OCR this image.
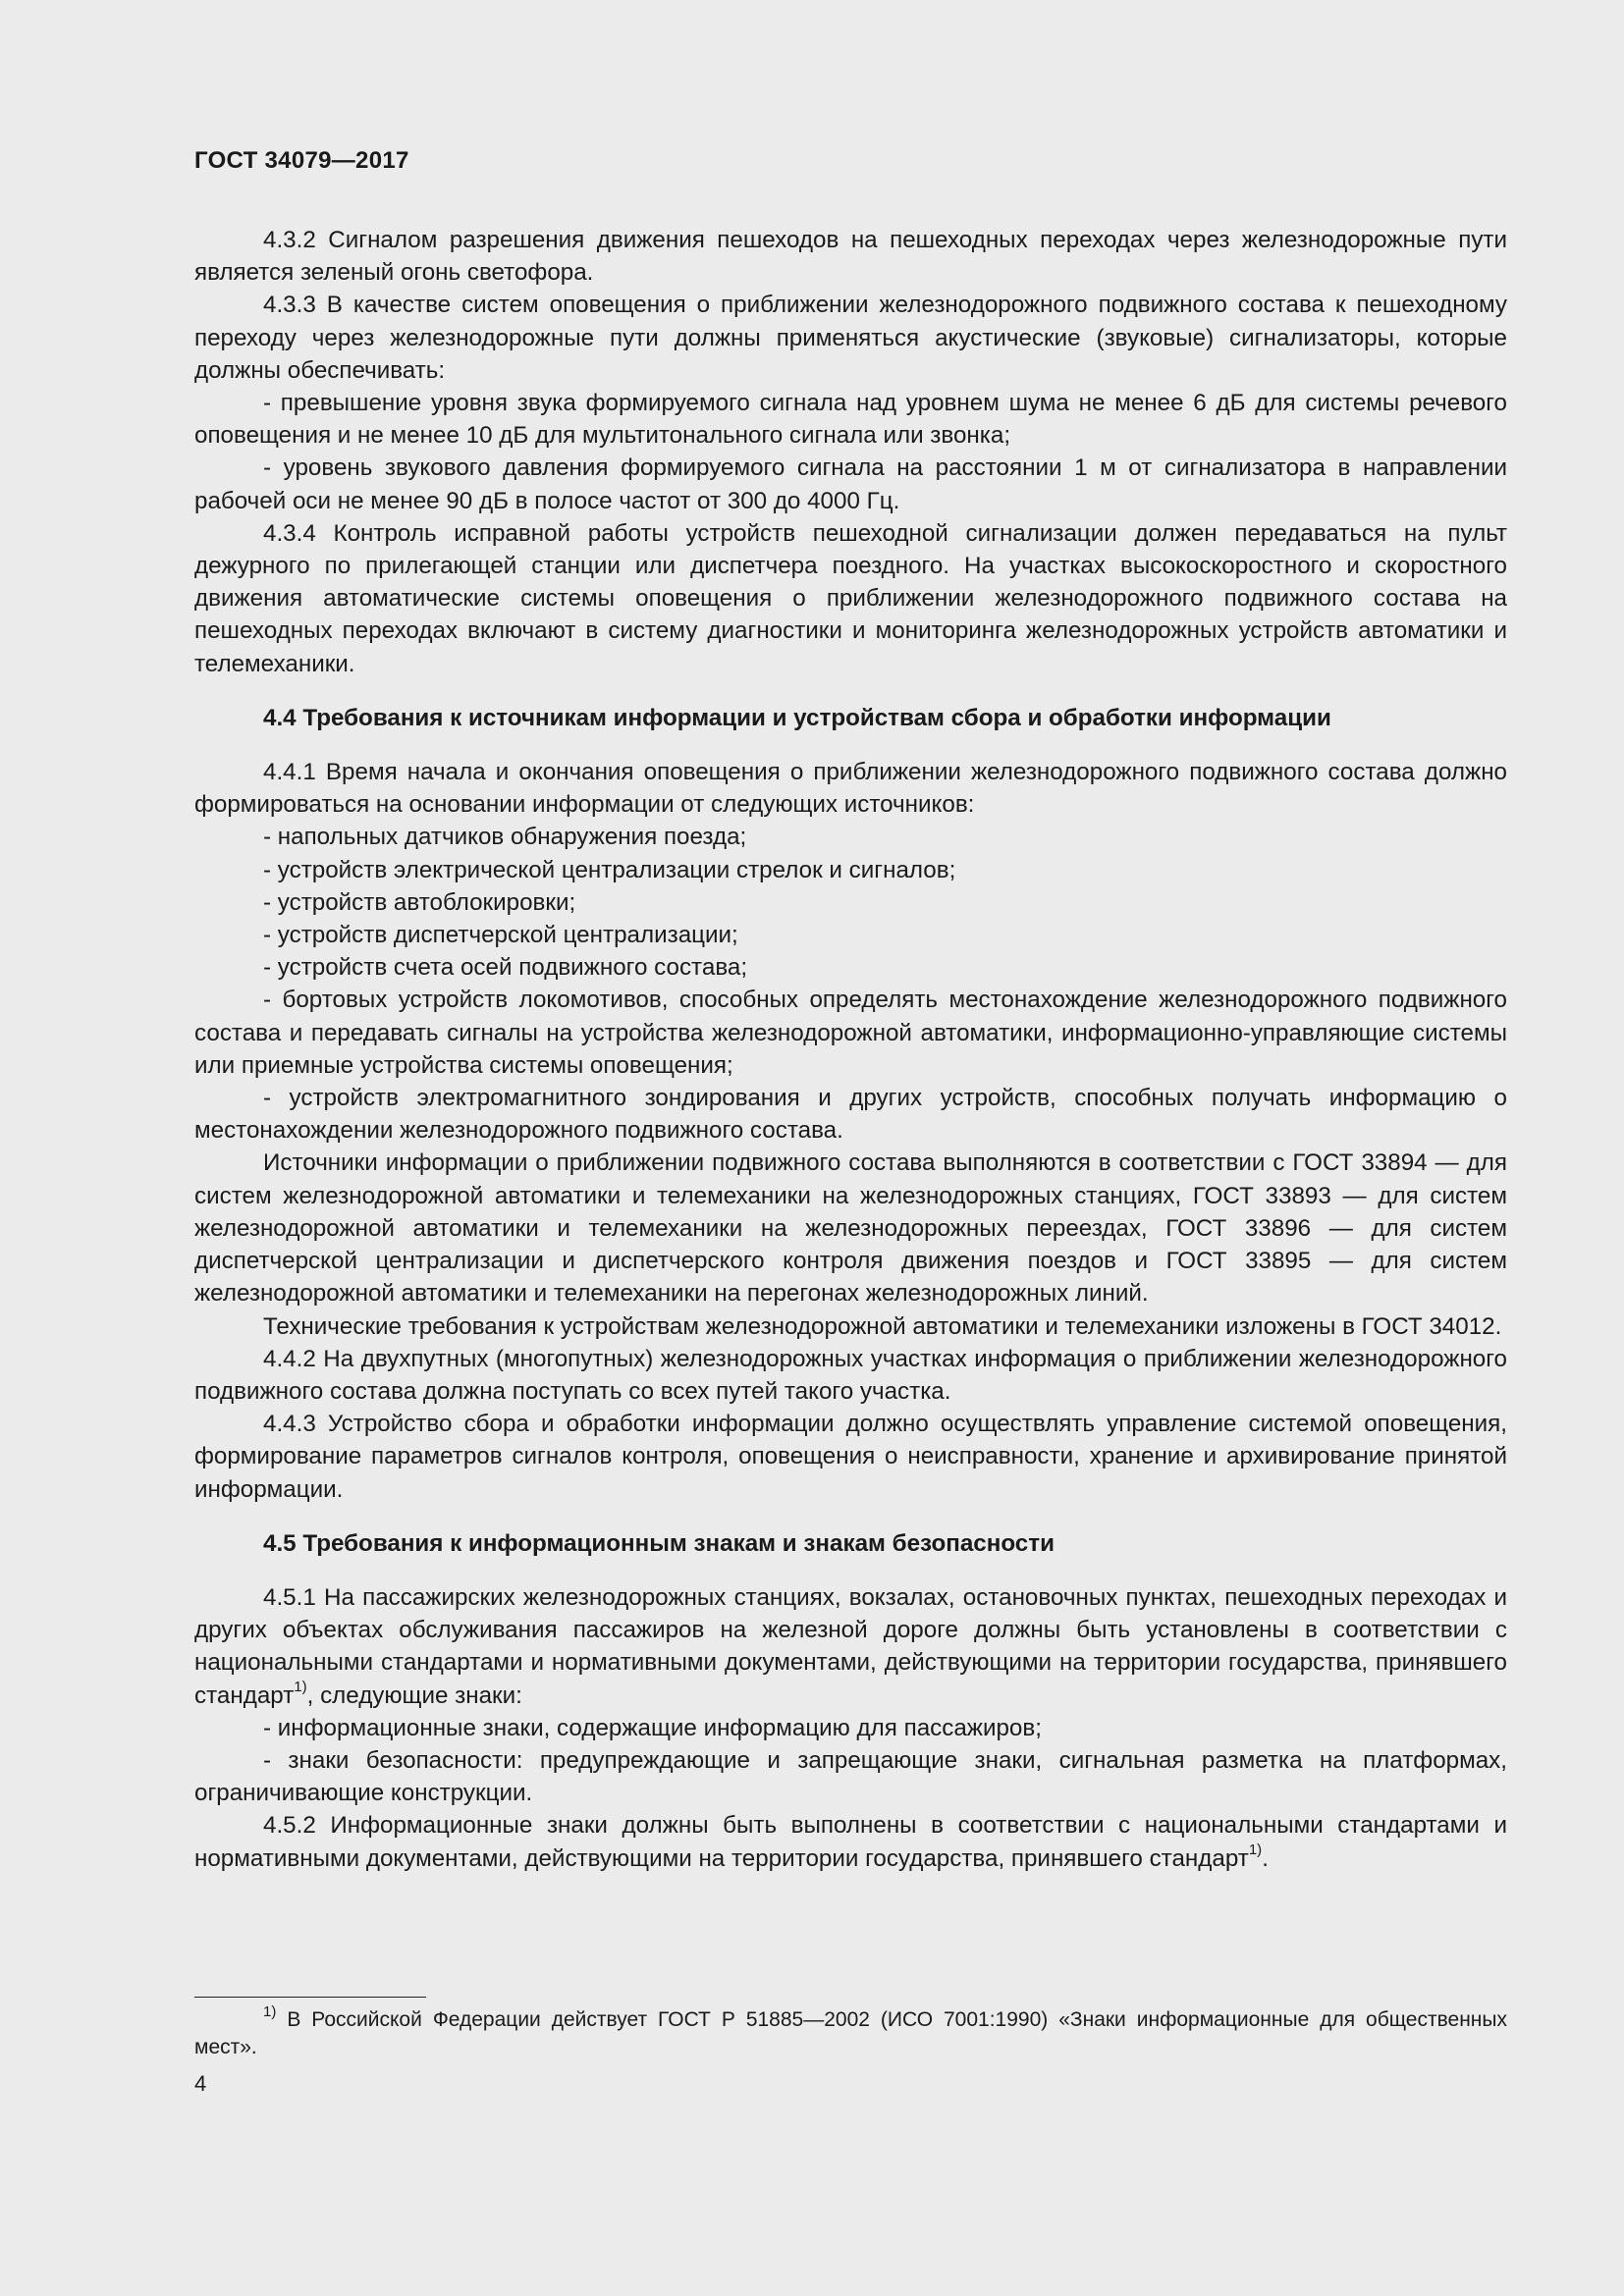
ГОСТ 34079—2017

4.3.2 Сигналом разрешения движения пешеходов на пешеходных переходах через железнодорожные пути является зеленый огонь светофора.

4.3.3 В качестве систем оповещения о приближении железнодорожного подвижного состава к пешеходному переходу через железнодорожные пути должны применяться акустические (звуковые) сигнализаторы, которые должны обеспечивать:

- превышение уровня звука формируемого сигнала над уровнем шума не менее 6 дБ для системы речевого оповещения и не менее 10 дБ для мультитонального сигнала или звонка;

- уровень звукового давления формируемого сигнала на расстоянии 1 м от сигнализатора в направлении рабочей оси не менее 90 дБ в полосе частот от 300 до 4000 Гц.

4.3.4 Контроль исправной работы устройств пешеходной сигнализации должен передаваться на пульт дежурного по прилегающей станции или диспетчера поездного. На участках высокоскоростного и скоростного движения автоматические системы оповещения о приближении железнодорожного подвижного состава на пешеходных переходах включают в систему диагностики и мониторинга железнодорожных устройств автоматики и телемеханики.

4.4 Требования к источникам информации и устройствам сбора и обработки информации

4.4.1 Время начала и окончания оповещения о приближении железнодорожного подвижного состава должно формироваться на основании информации от следующих источников:

- напольных датчиков обнаружения поезда;

- устройств электрической централизации стрелок и сигналов;

- устройств автоблокировки;

- устройств диспетчерской централизации;

- устройств счета осей подвижного состава;

- бортовых устройств локомотивов, способных определять местонахождение железнодорожного подвижного состава и передавать сигналы на устройства железнодорожной автоматики, информационно-управляющие системы или приемные устройства системы оповещения;

- устройств электромагнитного зондирования и других устройств, способных получать информацию о местонахождении железнодорожного подвижного состава.

Источники информации о приближении подвижного состава выполняются в соответствии с ГОСТ 33894 — для систем железнодорожной автоматики и телемеханики на железнодорожных станциях, ГОСТ 33893 — для систем железнодорожной автоматики и телемеханики на железнодорожных переездах, ГОСТ 33896 — для систем диспетчерской централизации и диспетчерского контроля движения поездов и ГОСТ 33895 — для систем железнодорожной автоматики и телемеханики на перегонах железнодорожных линий.

Технические требования к устройствам железнодорожной автоматики и телемеханики изложены в ГОСТ 34012.

4.4.2 На двухпутных (многопутных) железнодорожных участках информация о приближении железнодорожного подвижного состава должна поступать со всех путей такого участка.

4.4.3 Устройство сбора и обработки информации должно осуществлять управление системой оповещения, формирование параметров сигналов контроля, оповещения о неисправности, хранение и архивирование принятой информации.

4.5 Требования к информационным знакам и знакам безопасности

4.5.1 На пассажирских железнодорожных станциях, вокзалах, остановочных пунктах, пешеходных переходах и других объектах обслуживания пассажиров на железной дороге должны быть установлены в соответствии с национальными стандартами и нормативными документами, действующими на территории государства, принявшего стандарт$^{1)}$, следующие знаки:

- информационные знаки, содержащие информацию для пассажиров;

- знаки безопасности: предупреждающие и запрещающие знаки, сигнальная разметка на платформах, ограничивающие конструкции.

4.5.2 Информационные знаки должны быть выполнены в соответствии с национальными стандартами и нормативными документами, действующими на территории государства, принявшего стандарт$^{1)}$.

$^{1)}$ В Российской Федерации действует ГОСТ Р 51885—2002 (ИСО 7001:1990) «Знаки информационные для общественных мест».

4
